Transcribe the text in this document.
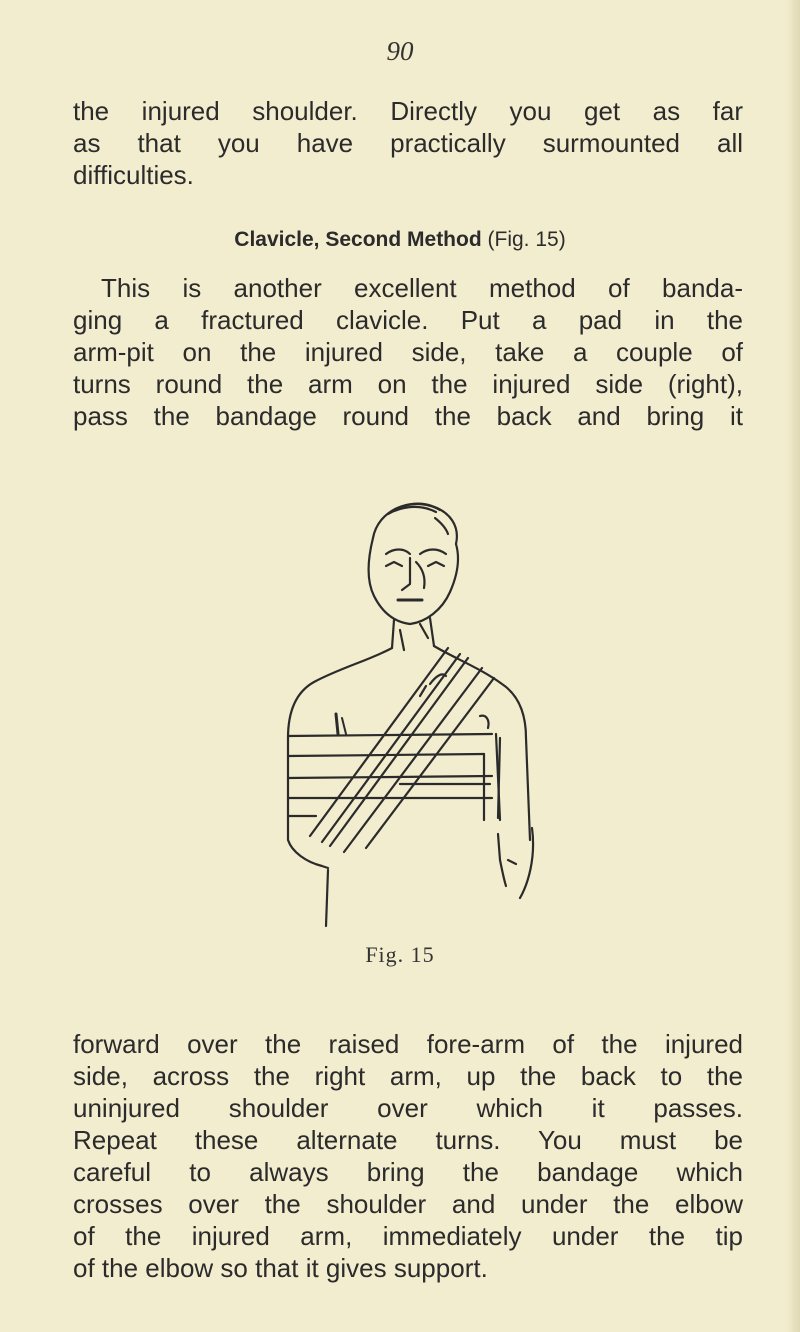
90
the injured shoulder. Directly you get as far
as that you have practically surmounted all
difficulties.
Clavicle, Second Method (Fig. 15)
This is another excellent method of banda-
ging a fractured clavicle. Put a pad in the
arm-pit on the injured side, take a couple of
turns round the arm on the injured side (right),
pass the bandage round the back and bring it
Fig. 15
forward over the raised fore-arm of the injured
side, across the right arm, up the back to the
uninjured shoulder over which it passes.
Repeat these alternate turns. You must be
careful to always bring the bandage which
crosses over the shoulder and under the elbow
of the injured arm, immediately under the tip
of the elbow so that it gives support.
